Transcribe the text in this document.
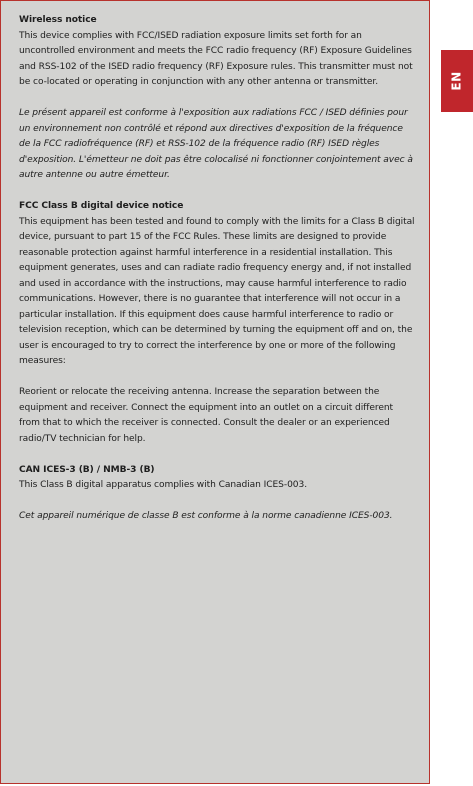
Wireless notice

This device complies with FCC/ISED radiation exposure limits set forth for an uncontrolled environment and meets the FCC radio frequency (RF) Exposure Guidelines and RSS-102 of the ISED radio frequency (RF) Exposure rules. This transmitter must not be co-located or operating in conjunction with any other antenna or transmitter.

Le présent appareil est conforme à l'exposition aux radiations FCC / ISED définies pour un environnement non contrôlé et répond aux directives d'exposition de la fréquence de la FCC radiofréquence (RF) et RSS-102 de la fréquence radio (RF) ISED règles d'exposition. L'émetteur ne doit pas être colocalisé ni fonctionner conjointement avec à autre antenne ou autre émetteur.

FCC Class B digital device notice

This equipment has been tested and found to comply with the limits for a Class B digital device, pursuant to part 15 of the FCC Rules. These limits are designed to provide reasonable protection against harmful interference in a residential installation. This equipment generates, uses and can radiate radio frequency energy and, if not installed and used in accordance with the instructions, may cause harmful interference to radio communications. However, there is no guarantee that interference will not occur in a particular installation. If this equipment does cause harmful interference to radio or television reception, which can be determined by turning the equipment off and on, the user is encouraged to try to correct the interference by one or more of the following measures:

Reorient or relocate the receiving antenna. Increase the separation between the equipment and receiver. Connect the equipment into an outlet on a circuit different from that to which the receiver is connected. Consult the dealer or an experienced radio/TV technician for help.

CAN ICES-3 (B) / NMB-3 (B)

This Class B digital apparatus complies with Canadian ICES-003.

Cet appareil numérique de classe B est conforme à la norme canadienne ICES-003.

EN
